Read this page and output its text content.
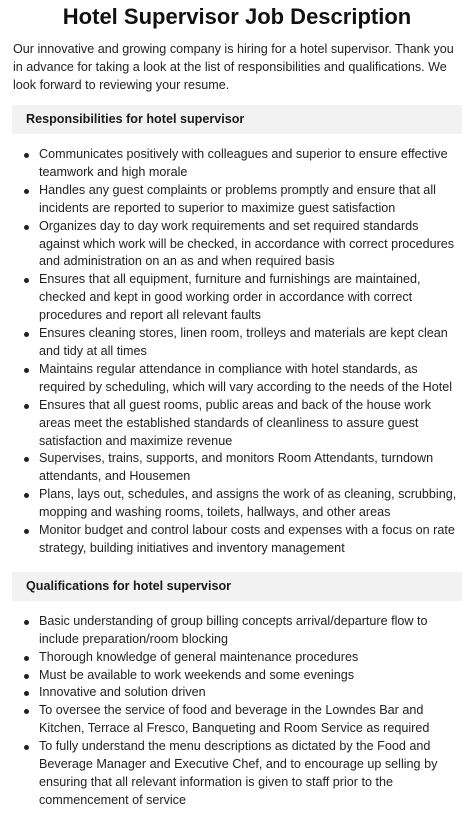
Hotel Supervisor Job Description

Our innovative and growing company is hiring for a hotel supervisor. Thank you in advance for taking a look at the list of responsibilities and qualifications. We look forward to reviewing your resume.

Responsibilities for hotel supervisor
Communicates positively with colleagues and superior to ensure effective teamwork and high morale
Handles any guest complaints or problems promptly and ensure that all incidents are reported to superior to maximize guest satisfaction
Organizes day to day work requirements and set required standards against which work will be checked, in accordance with correct procedures and administration on an as and when required basis
Ensures that all equipment, furniture and furnishings are maintained, checked and kept in good working order in accordance with correct procedures and report all relevant faults
Ensures cleaning stores, linen room, trolleys and materials are kept clean and tidy at all times
Maintains regular attendance in compliance with hotel standards, as required by scheduling, which will vary according to the needs of the Hotel
Ensures that all guest rooms, public areas and back of the house work areas meet the established standards of cleanliness to assure guest satisfaction and maximize revenue
Supervises, trains, supports, and monitors Room Attendants, turndown attendants, and Housemen
Plans, lays out, schedules, and assigns the work of as cleaning, scrubbing, mopping and washing rooms, toilets, hallways, and other areas
Monitor budget and control labour costs and expenses with a focus on rate strategy, building initiatives and inventory management
Qualifications for hotel supervisor
Basic understanding of group billing concepts arrival/departure flow to include preparation/room blocking
Thorough knowledge of general maintenance procedures
Must be available to work weekends and some evenings
Innovative and solution driven
To oversee the service of food and beverage in the Lowndes Bar and Kitchen, Terrace al Fresco, Banqueting and Room Service as required
To fully understand the menu descriptions as dictated by the Food and Beverage Manager and Executive Chef, and to encourage up selling by ensuring that all relevant information is given to staff prior to the commencement of service
